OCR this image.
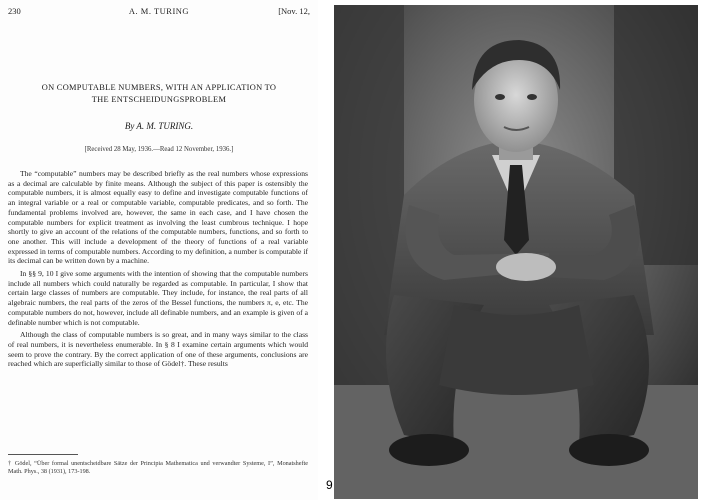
230	A. M. TURING	[Nov. 12,
ON COMPUTABLE NUMBERS, WITH AN APPLICATION TO
THE ENTSCHEIDUNGSPROBLEM
By A. M. TURING.
[Received 28 May, 1936.—Read 12 November, 1936.]

The “computable” numbers may be described briefly as the real numbers whose expressions as a decimal are calculable by finite means. Although the subject of this paper is ostensibly the computable numbers, it is almost equally easy to define and investigate computable functions of an integral variable or a real or computable variable, computable predicates, and so forth. The fundamental problems involved are, however, the same in each case, and I have chosen the computable numbers for explicit treatment as involving the least cumbrous technique. I hope shortly to give an account of the relations of the computable numbers, functions, and so forth to one another. This will include a development of the theory of functions of a real variable expressed in terms of computable numbers. According to my definition, a number is computable if its decimal can be written down by a machine.

In §§ 9, 10 I give some arguments with the intention of showing that the computable numbers include all numbers which could naturally be regarded as computable. In particular, I show that certain large classes of numbers are computable. They include, for instance, the real parts of all algebraic numbers, the real parts of the zeros of the Bessel functions, the numbers π, e, etc. The computable numbers do not, however, include all definable numbers, and an example is given of a definable number which is not computable.

Although the class of computable numbers is so great, and in many ways similar to the class of real numbers, it is nevertheless enumerable. In § 8 I examine certain arguments which would seem to prove the contrary. By the correct application of one of these arguments, conclusions are reached which are superficially similar to those of Gödel†. These results

† Gödel, “Über formal unentscheidbare Sätze der Principia Mathematica und verwandter Systeme, I”, Monatshefte Math. Phys., 38 (1931), 173-198.
9
